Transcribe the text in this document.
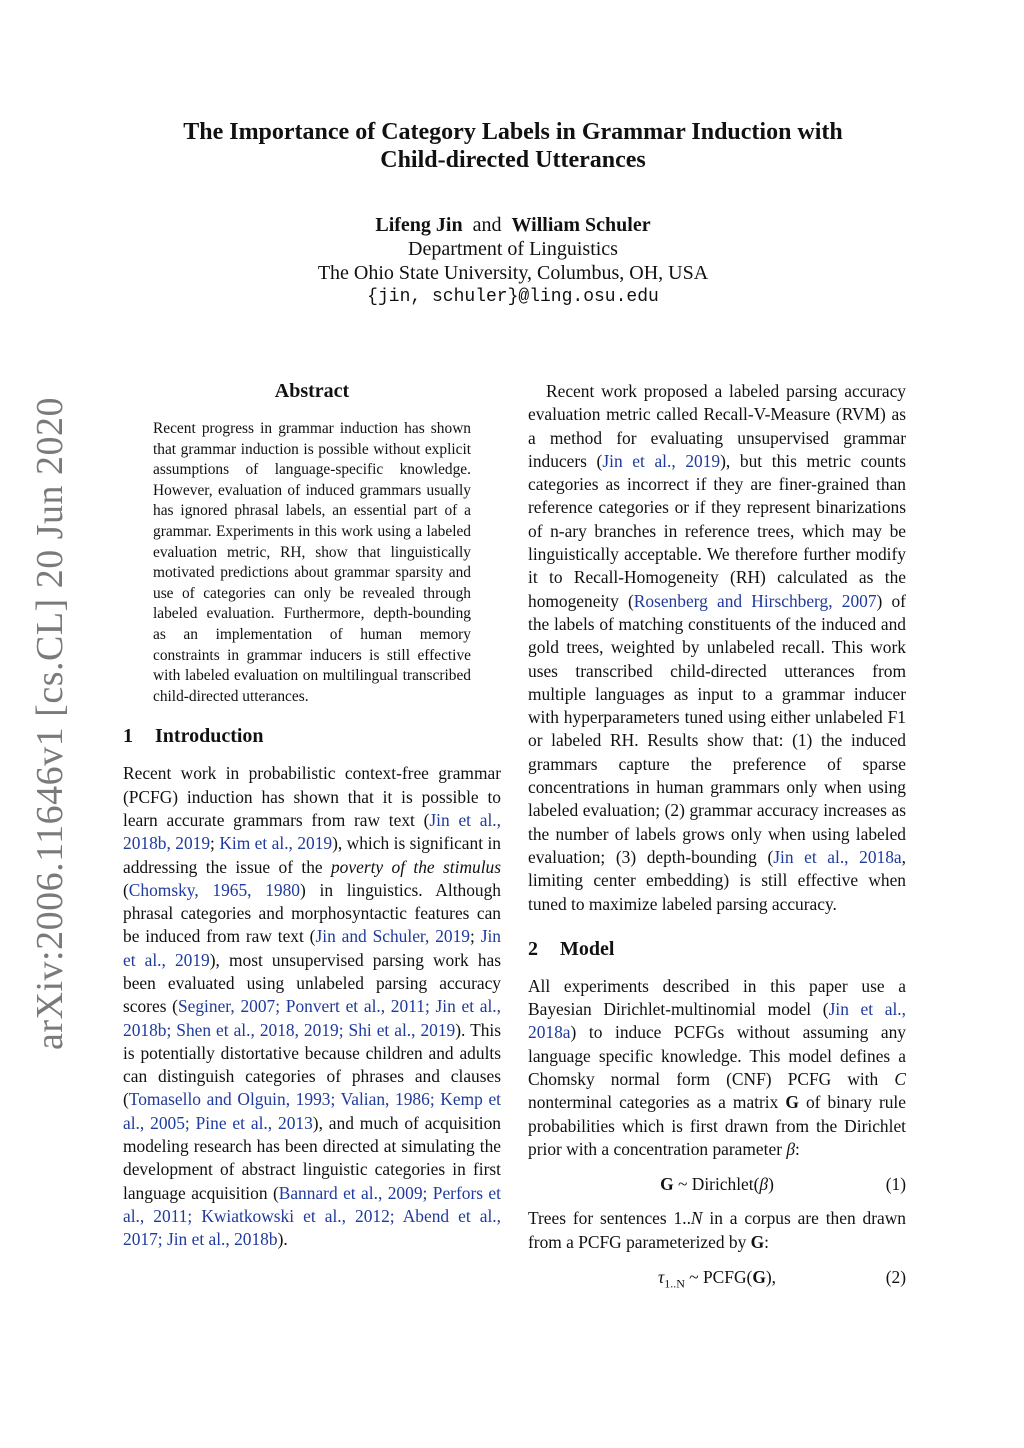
arXiv:2006.11646v1 [cs.CL] 20 Jun 2020
The Importance of Category Labels in Grammar Induction with
Child-directed Utterances
Lifeng Jin and William Schuler
Department of Linguistics
The Ohio State University, Columbus, OH, USA
{jin, schuler}@ling.osu.edu
Abstract
Recent progress in grammar induction has shown that grammar induction is possible without explicit assumptions of language-specific knowledge. However, evaluation of induced grammars usually has ignored phrasal labels, an essential part of a grammar. Experiments in this work using a labeled evaluation metric, RH, show that linguistically motivated predictions about grammar sparsity and use of categories can only be revealed through labeled evaluation. Furthermore, depth-bounding as an implementation of human memory constraints in grammar inducers is still effective with labeled evaluation on multilingual transcribed child-directed utterances.
1 Introduction

Recent work in probabilistic context-free grammar (PCFG) induction has shown that it is possible to learn accurate grammars from raw text (Jin et al., 2018b, 2019; Kim et al., 2019), which is significant in addressing the issue of the poverty of the stimulus (Chomsky, 1965, 1980) in linguistics. Although phrasal categories and morphosyntactic features can be induced from raw text (Jin and Schuler, 2019; Jin et al., 2019), most unsupervised parsing work has been evaluated using unlabeled parsing accuracy scores (Seginer, 2007; Ponvert et al., 2011; Jin et al., 2018b; Shen et al., 2018, 2019; Shi et al., 2019). This is potentially distortative because children and adults can distinguish categories of phrases and clauses (Tomasello and Olguin, 1993; Valian, 1986; Kemp et al., 2005; Pine et al., 2013), and much of acquisition modeling research has been directed at simulating the development of abstract linguistic categories in first language acquisition (Bannard et al., 2009; Perfors et al., 2011; Kwiatkowski et al., 2012; Abend et al., 2017; Jin et al., 2018b).

Recent work proposed a labeled parsing accuracy evaluation metric called Recall-V-Measure (RVM) as a method for evaluating unsupervised grammar inducers (Jin et al., 2019), but this metric counts categories as incorrect if they are finer-grained than reference categories or if they represent binarizations of n-ary branches in reference trees, which may be linguistically acceptable. We therefore further modify it to Recall-Homogeneity (RH) calculated as the homogeneity (Rosenberg and Hirschberg, 2007) of the labels of matching constituents of the induced and gold trees, weighted by unlabeled recall. This work uses transcribed child-directed utterances from multiple languages as input to a grammar inducer with hyperparameters tuned using either unlabeled F1 or labeled RH. Results show that: (1) the induced grammars capture the preference of sparse concentrations in human grammars only when using labeled evaluation; (2) grammar accuracy increases as the number of labels grows only when using labeled evaluation; (3) depth-bounding (Jin et al., 2018a, limiting center embedding) is still effective when tuned to maximize labeled parsing accuracy.

2 Model

All experiments described in this paper use a Bayesian Dirichlet-multinomial model (Jin et al., 2018a) to induce PCFGs without assuming any language specific knowledge. This model defines a Chomsky normal form (CNF) PCFG with C nonterminal categories as a matrix G of binary rule probabilities which is first drawn from the Dirichlet prior with a concentration parameter β:

G ~ Dirichlet(β)	(1)

Trees for sentences 1..N in a corpus are then drawn from a PCFG parameterized by G:

$\tau_{1..N}$ ~ PCFG(G),	(2)
